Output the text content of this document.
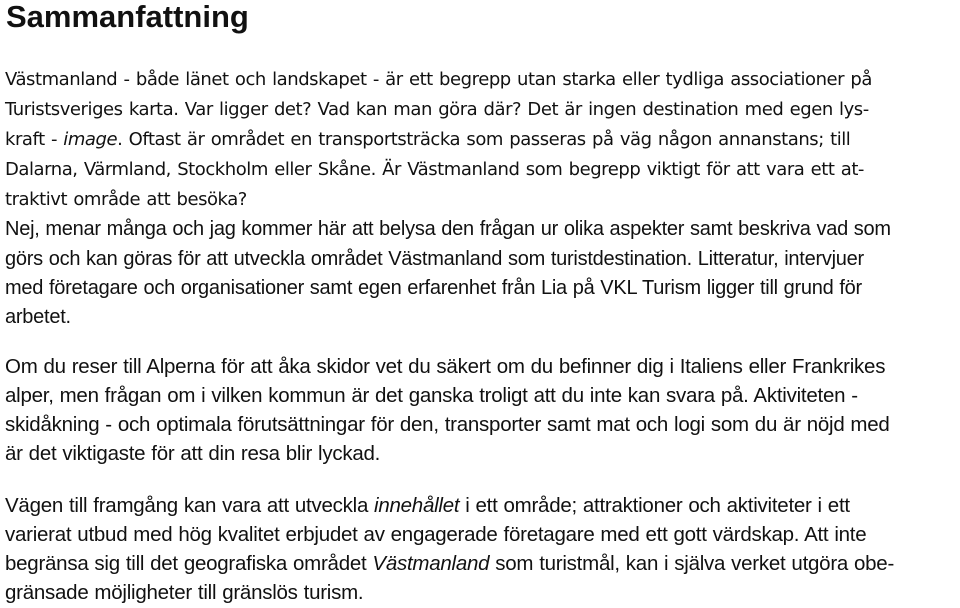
Sammanfattning

Västmanland - både länet och landskapet - är ett begrepp utan starka eller tydliga associationer på

Turistsveriges karta. Var ligger det? Vad kan man göra där? Det är ingen destination med egen lys-

kraft - image. Oftast är området en transportsträcka som passeras på väg någon annanstans; till

Dalarna, Värmland, Stockholm eller Skåne. Är Västmanland som begrepp viktigt för att vara ett at-

traktivt område att besöka?

Nej, menar många och jag kommer här att belysa den frågan ur olika aspekter samt beskriva vad som

görs och kan göras för att utveckla området Västmanland som turistdestination. Litteratur, intervjuer

med företagare och organisationer samt egen erfarenhet från Lia på VKL Turism ligger till grund för

arbetet.

Om du reser till Alperna för att åka skidor vet du säkert om du befinner dig i Italiens eller Frankrikes

alper, men frågan om i vilken kommun är det ganska troligt att du inte kan svara på. Aktiviteten -

skidåkning - och optimala förutsättningar för den, transporter samt mat och logi som du är nöjd med

är det viktigaste för att din resa blir lyckad.

Vägen till framgång kan vara att utveckla innehållet i ett område; attraktioner och aktiviteter i ett

varierat utbud med hög kvalitet erbjudet av engagerade företagare med ett gott värdskap. Att inte

begränsa sig till det geografiska området Västmanland som turistmål, kan i själva verket utgöra obe-

gränsade möjligheter till gränslös turism.
